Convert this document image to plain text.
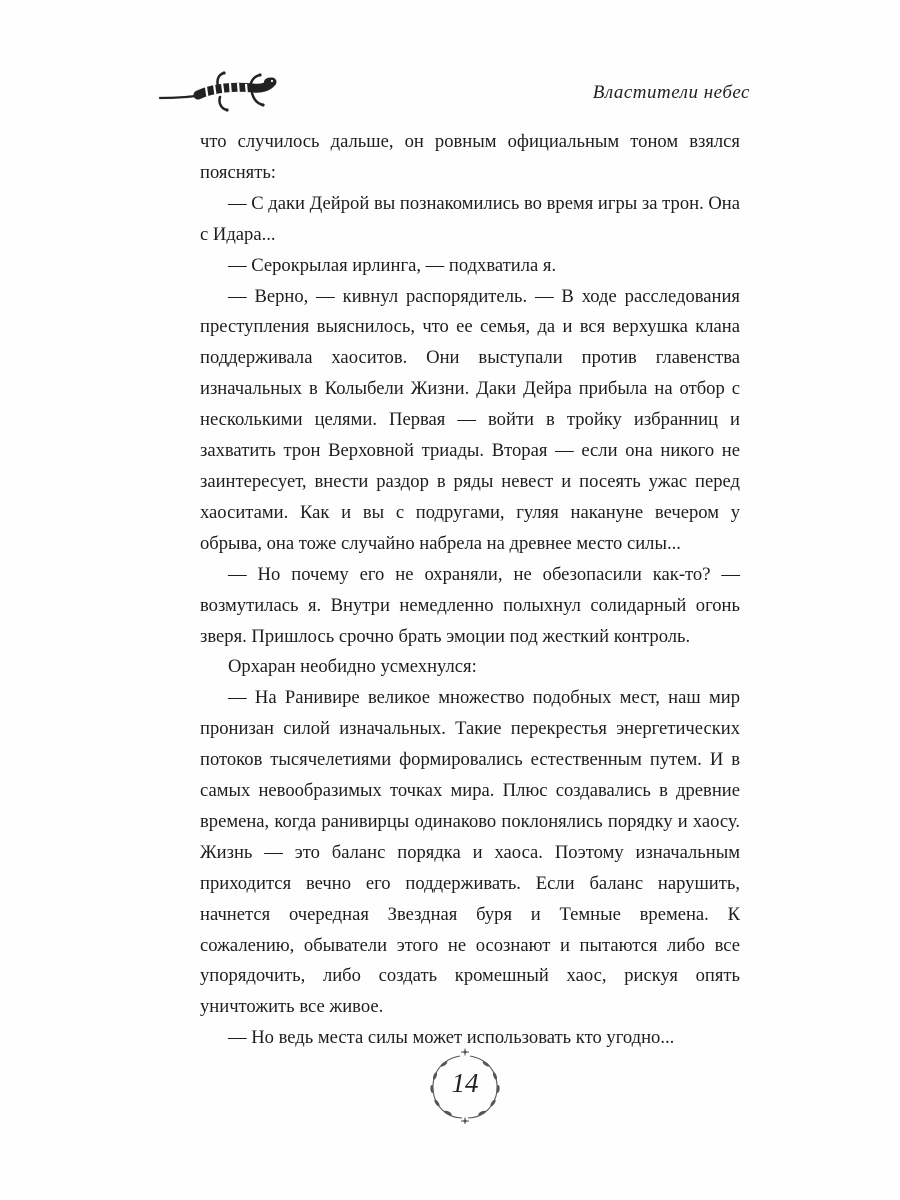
Властители небес

что случилось дальше, он ровным официальным тоном взялся пояснять:

— С даки Дейрой вы познакомились во время игры за трон. Она с Идара...

— Серокрылая ирлинга, — подхватила я.

— Верно, — кивнул распорядитель. — В ходе расследования преступления выяснилось, что ее семья, да и вся верхушка клана поддерживала хаоситов. Они выступали против главенства изначальных в Колыбели Жизни. Даки Дейра прибыла на отбор с несколькими целями. Первая — войти в тройку избранниц и захватить трон Верховной триады. Вторая — если она никого не заинтересует, внести раздор в ряды невест и посеять ужас перед хаоситами. Как и вы с подругами, гуляя накануне вечером у обрыва, она тоже случайно набрела на древнее место силы...

— Но почему его не охраняли, не обезопасили как-то? — возмутилась я. Внутри немедленно полыхнул солидарный огонь зверя. Пришлось срочно брать эмоции под жесткий контроль.

Орхаран необидно усмехнулся:

— На Ранивире великое множество подобных мест, наш мир пронизан силой изначальных. Такие перекрестья энергетических потоков тысячелетиями формировались естественным путем. И в самых невообразимых точках мира. Плюс создавались в древние времена, когда ранивирцы одинаково поклонялись порядку и хаосу. Жизнь — это баланс порядка и хаоса. Поэтому изначальным приходится вечно его поддерживать. Если баланс нарушить, начнется очередная Звездная буря и Темные времена. К сожалению, обыватели этого не осознают и пытаются либо все упорядочить, либо создать кромешный хаос, рискуя опять уничтожить все живое.

— Но ведь места силы может использовать кто угодно...

14
